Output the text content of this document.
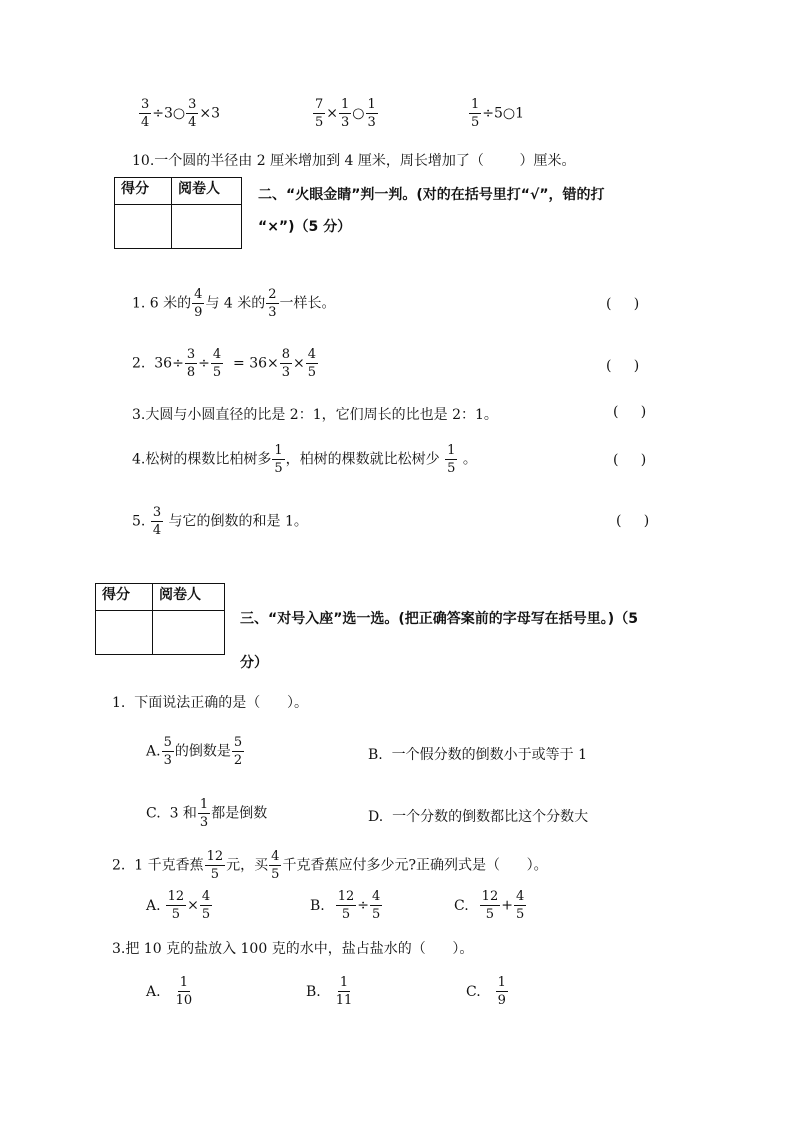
$\frac{3}{4}$ ÷3○ $\frac{3}{4} \times 3$	$\frac{7}{5} \times \frac{1}{3}$ ○ $\frac{1}{3}$	$\frac{1}{5}$ ÷5○1
10.一个圆的半径由 2 厘米增加到 4 厘米，周长增加了（	）厘米。
得分	阅卷人
		二、“火眼金睛”判一判。(对的在括号里打“√”，错的打
“×”)（5 分）
1. 6 米的 $\frac{4}{9}$ 与 4 米的 $\frac{2}{3}$ 一样长。	(     )
2.  $36\div \frac{3}{8} \div \frac{4}{5} = 36\times \frac{8}{3} \times \frac{4}{5}$	(     )
3.大圆与小圆直径的比是 2：1，它们周长的比也是 2：1。	(     )
4.松树的棵数比柏树多 $\frac{1}{5}$ ，柏树的棵数就比松树少 $\frac{1}{5}$ 。	(     )
5. $\frac{3}{4}$ 与它的倒数的和是 1。	(     )
得分	阅卷人

三、“对号入座”选一选。(把正确答案前的字母写在括号里。)（5
分）
1.  下面说法正确的是（      ）。
A. $\frac{5}{3}$ 的倒数是 $\frac{5}{2}$	B.  一个假分数的倒数小于或等于 1
C.  3 和 $\frac{1}{3}$ 都是倒数	D.  一个分数的倒数都比这个分数大
2.  1 千克香蕉 $\frac{12}{5}$ 元，买 $\frac{4}{5}$ 千克香蕉应付多少元?正确列式是（      ）。
A. $\frac{12}{5} \times \frac{4}{5}$	B. $\frac{12}{5} \div \frac{4}{5}$	C. $\frac{12}{5} + \frac{4}{5}$
3.把 10 克的盐放入 100 克的水中，盐占盐水的（      ）。
A. $\frac{1}{10}$	B. $\frac{1}{11}$	C. $\frac{1}{9}$
